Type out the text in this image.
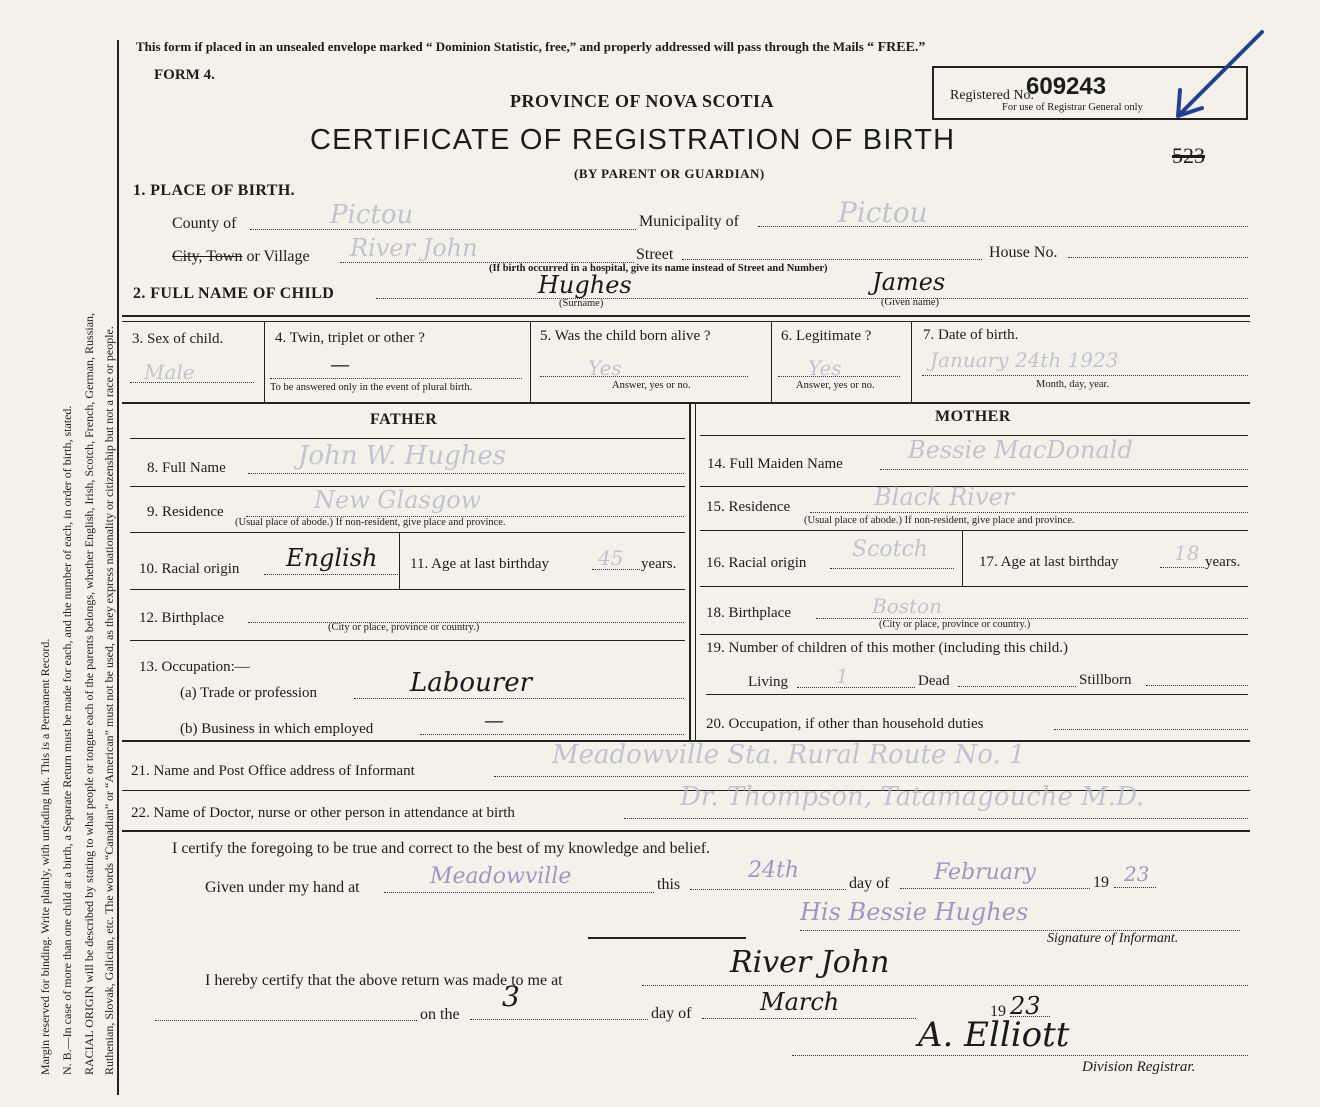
Margin reserved for binding. Write plainly, with unfading ink. This is a Permanent Record. N. B.—In case of more than one child at a birth, a Separate Return must be made for each, and the number of each, in order of birth, stated. RACIAL ORIGIN will be described by stating to what people or tongue each of the parents belongs, whether English, Irish, Scotch, French, German, Russian, Ruthenian, Slovak, Galician, etc. The words “Canadian” or “American” must not be used, as they express nationality or citizenship but not a race or people.
This form if placed in an unsealed envelope marked “ Dominion Statistic, free,” and properly addressed will pass through the Mails “ FREE.”
FORM 4.
PROVINCE OF NOVA SCOTIA
CERTIFICATE OF REGISTRATION OF BIRTH
(BY PARENT OR GUARDIAN)
Registered No.
609243
For use of Registrar General only
523
1. PLACE OF BIRTH.
County of	Pictou	Municipality of	Pictou
City, Town or Village River John	Street	House No.
(If birth occurred in a hospital, give its name instead of Street and Number)
2. FULL NAME OF CHILD	Hughes	James
(Surname)	(Given name)
3. Sex of child.
Male
4. Twin, triplet or other ?
—
To be answered only in the event of plural birth.
5. Was the child born alive ?
Yes
Answer, yes or no.
6. Legitimate ?
Yes
Answer, yes or no.
7. Date of birth.
January 24th 1923
Month, day, year.
FATHER	MOTHER
8. Full Name	John W. Hughes
9. Residence	New Glasgow
(Usual place of abode.) If non-resident, give place and province.
10. Racial origin English 11. Age at last birthday 45 years.
12. Birthplace
(City or place, province or country.)
13. Occupation:—
(a) Trade or profession	Labourer
(b) Business in which employed	—
14. Full Maiden Name	Bessie MacDonald
15. Residence	Black River
(Usual place of abode.) If non-resident, give place and province.
16. Racial origin
Scotch	17. Age at last birthday	18 years.
18. Birthplace	Boston
(City or place, province or country.)
19. Number of children of this mother (including this child.)
Living 1	Dead	Stillborn
20. Occupation, if other than household duties
21. Name and Post Office address of Informant
Meadowville Sta. Rural Route No. 1
22. Name of Doctor, nurse or other person in attendance at birth
Dr. Thompson, Tatamagouche M.D.
I certify the foregoing to be true and correct to the best of my knowledge and belief.
Given under my hand at	Meadowville	this
24th
day of February	19 23
His Bessie Hughes
Signature of Informant.
I hereby certify that the above return was made to me at
River John
on the
3
day of	March	19 23
A. Elliott
Division Registrar.
